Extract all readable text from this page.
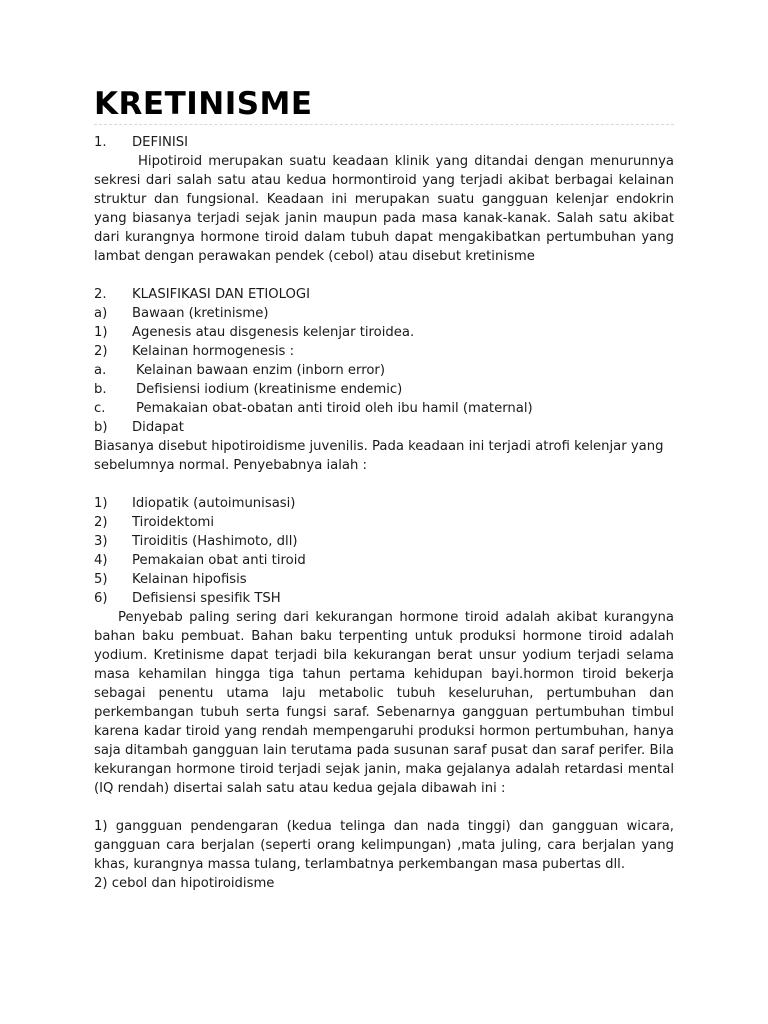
KRETINISME
1.	DEFINISI
Hipotiroid merupakan suatu keadaan klinik yang ditandai dengan menurunnya sekresi dari salah satu atau kedua hormontiroid yang terjadi akibat berbagai kelainan struktur dan fungsional. Keadaan ini merupakan suatu gangguan kelenjar endokrin yang biasanya terjadi sejak janin maupun pada masa kanak-kanak. Salah satu akibat dari kurangnya hormone tiroid dalam tubuh dapat mengakibatkan pertumbuhan yang lambat dengan perawakan pendek (cebol) atau disebut kretinisme
2.	KLASIFIKASI DAN ETIOLOGI
a)	Bawaan (kretinisme)
1)	Agenesis atau disgenesis kelenjar tiroidea.
2)	Kelainan hormogenesis :
a.	Kelainan bawaan enzim (inborn error)
b.	Defisiensi iodium (kreatinisme endemic)
c.	Pemakaian obat-obatan anti tiroid oleh ibu hamil (maternal)
b)	Didapat
Biasanya disebut hipotiroidisme juvenilis. Pada keadaan ini terjadi atrofi kelenjar yang sebelumnya normal. Penyebabnya ialah :
1)	Idiopatik (autoimunisasi)
2)	Tiroidektomi
3)	Tiroiditis (Hashimoto, dll)
4)	Pemakaian obat anti tiroid
5)	Kelainan hipofisis
6)	Defisiensi spesifik TSH
Penyebab paling sering dari kekurangan hormone tiroid adalah akibat kurangyna bahan baku pembuat. Bahan baku terpenting untuk produksi hormone tiroid adalah yodium. Kretinisme dapat terjadi bila kekurangan berat unsur yodium terjadi selama masa kehamilan hingga tiga tahun pertama kehidupan bayi.hormon tiroid bekerja sebagai penentu utama laju metabolic tubuh keseluruhan, pertumbuhan dan perkembangan tubuh serta fungsi saraf. Sebenarnya gangguan pertumbuhan timbul karena kadar tiroid yang rendah mempengaruhi produksi hormon pertumbuhan, hanya saja ditambah gangguan lain terutama pada susunan saraf pusat dan saraf perifer. Bila kekurangan hormone tiroid terjadi sejak janin, maka gejalanya adalah retardasi mental (IQ rendah) disertai salah satu atau kedua gejala dibawah ini :
1) gangguan pendengaran (kedua telinga dan nada tinggi) dan gangguan wicara, gangguan cara berjalan (seperti orang kelimpungan) ,mata juling, cara berjalan yang khas, kurangnya massa tulang, terlambatnya perkembangan masa pubertas dll.
2) cebol dan hipotiroidisme
